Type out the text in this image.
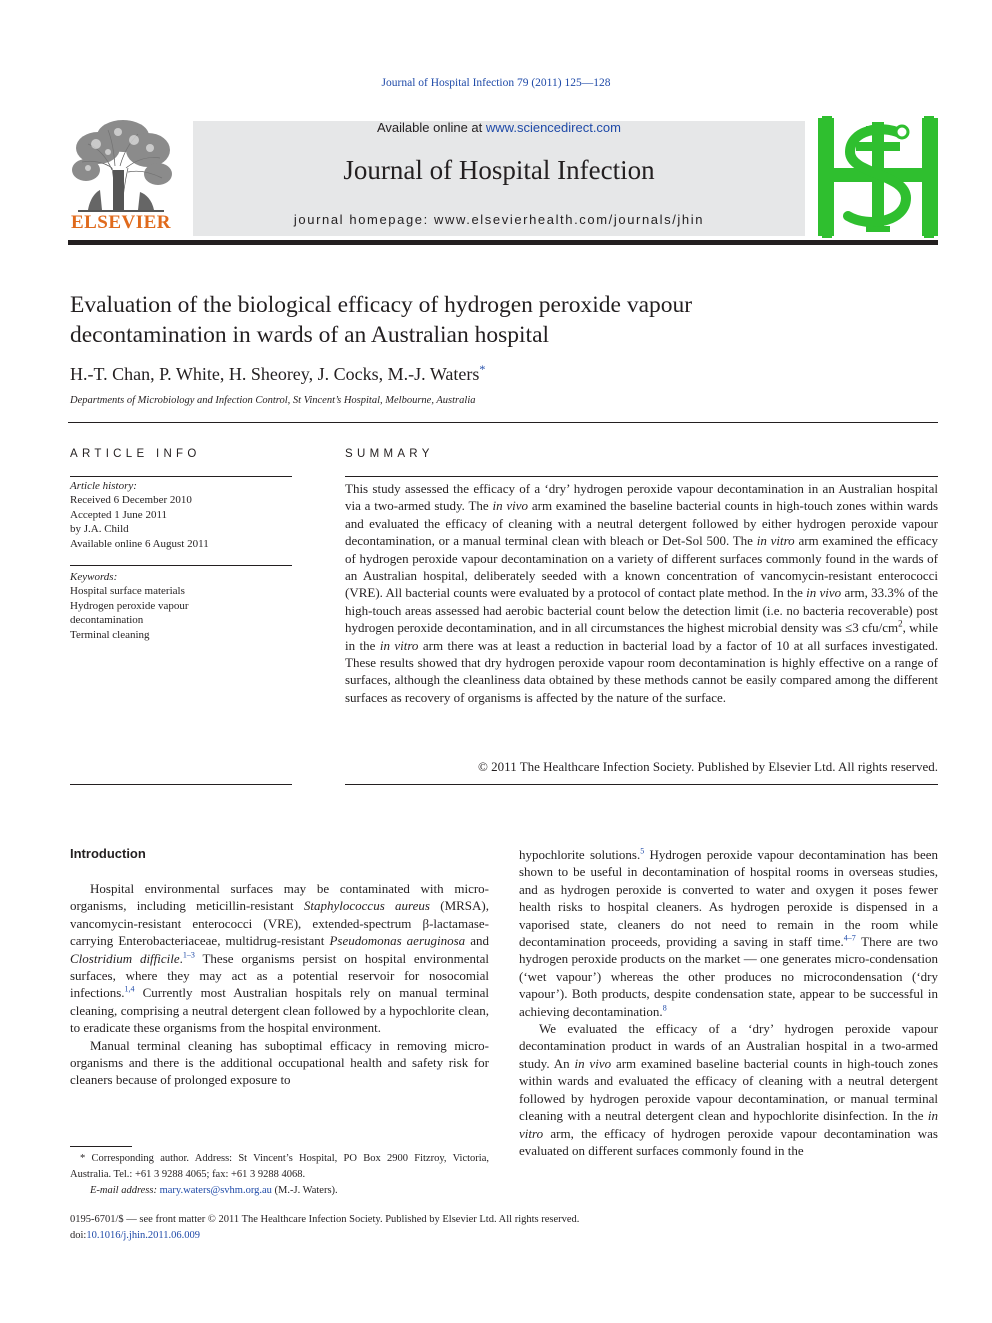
Journal of Hospital Infection 79 (2011) 125—128
ELSEVIER
Available online at www.sciencedirect.com
Journal of Hospital Infection
journal homepage: www.elsevierhealth.com/journals/jhin
Evaluation of the biological efficacy of hydrogen peroxide vapour decontamination in wards of an Australian hospital
H.-T. Chan, P. White, H. Sheorey, J. Cocks, M.-J. Waters*
Departments of Microbiology and Infection Control, St Vincent’s Hospital, Melbourne, Australia
ARTICLE INFO
Article history:
Received 6 December 2010
Accepted 1 June 2011
by J.A. Child
Available online 6 August 2011
Keywords:
Hospital surface materials
Hydrogen peroxide vapour
decontamination
Terminal cleaning
SUMMARY
This study assessed the efficacy of a ‘dry’ hydrogen peroxide vapour decontamination in an Australian hospital via a two-armed study. The in vivo arm examined the baseline bacterial counts in high-touch zones within wards and evaluated the efficacy of cleaning with a neutral detergent followed by either hydrogen peroxide vapour decontamination, or a manual terminal clean with bleach or Det-Sol 500. The in vitro arm examined the efficacy of hydrogen peroxide vapour decontamination on a variety of different surfaces commonly found in the wards of an Australian hospital, deliberately seeded with a known concentration of vancomycin-resistant enterococci (VRE). All bacterial counts were evaluated by a protocol of contact plate method. In the in vivo arm, 33.3% of the high-touch areas assessed had aerobic bacterial count below the detection limit (i.e. no bacteria recoverable) post hydrogen peroxide decontamination, and in all circumstances the highest microbial density was ≤3 cfu/$cm^2$, while in the in vitro arm there was at least a reduction in bacterial load by a factor of 10 at all surfaces investigated. These results showed that dry hydrogen peroxide vapour room decontamination is highly effective on a range of surfaces, although the cleanliness data obtained by these methods cannot be easily compared among the different surfaces as recovery of organisms is affected by the nature of the surface.
© 2011 The Healthcare Infection Society. Published by Elsevier Ltd. All rights reserved.
Introduction

Hospital environmental surfaces may be contaminated with micro-organisms, including meticillin-resistant Staphylococcus aureus (MRSA), vancomycin-resistant enterococci (VRE), extended-spectrum β-lactamase-carrying Enterobacteriaceae, multidrug-resistant Pseudomonas aeruginosa and Clostridium difficile.$^{1-3}$ These organisms persist on hospital environmental surfaces, where they may act as a potential reservoir for nosocomial infections.$^{1,4}$ Currently most Australian hospitals rely on manual terminal cleaning, comprising a neutral detergent clean followed by a hypochlorite clean, to eradicate these organisms from the hospital environment.

Manual terminal cleaning has suboptimal efficacy in removing micro-organisms and there is the additional occupational health and safety risk for cleaners because of prolonged exposure to

hypochlorite solutions.$^5$ Hydrogen peroxide vapour decontamination has been shown to be useful in decontamination of hospital rooms in overseas studies, and as hydrogen peroxide is converted to water and oxygen it poses fewer health risks to hospital cleaners. As hydrogen peroxide is dispensed in a vaporised state, cleaners do not need to remain in the room while decontamination proceeds, providing a saving in staff time.$^{4-7}$ There are two hydrogen peroxide products on the market — one generates micro-condensation (‘wet vapour’) whereas the other produces no microcondensation (‘dry vapour’). Both products, despite condensation state, appear to be successful in achieving decontamination.$^8$

We evaluated the efficacy of a ‘dry’ hydrogen peroxide vapour decontamination product in wards of an Australian hospital in a two-armed study. An in vivo arm examined baseline bacterial counts in high-touch zones within wards and evaluated the efficacy of cleaning with a neutral detergent followed by hydrogen peroxide vapour decontamination, or manual terminal cleaning with a neutral detergent clean and hypochlorite disinfection. In the in vitro arm, the efficacy of hydrogen peroxide vapour decontamination was evaluated on different surfaces commonly found in the

* Corresponding author. Address: St Vincent’s Hospital, PO Box 2900 Fitzroy, Victoria, Australia. Tel.: +61 3 9288 4065; fax: +61 3 9288 4068.
E-mail address: mary.waters@svhm.org.au (M.-J. Waters).
0195-6701/$ — see front matter © 2011 The Healthcare Infection Society. Published by Elsevier Ltd. All rights reserved.
doi:10.1016/j.jhin.2011.06.009
